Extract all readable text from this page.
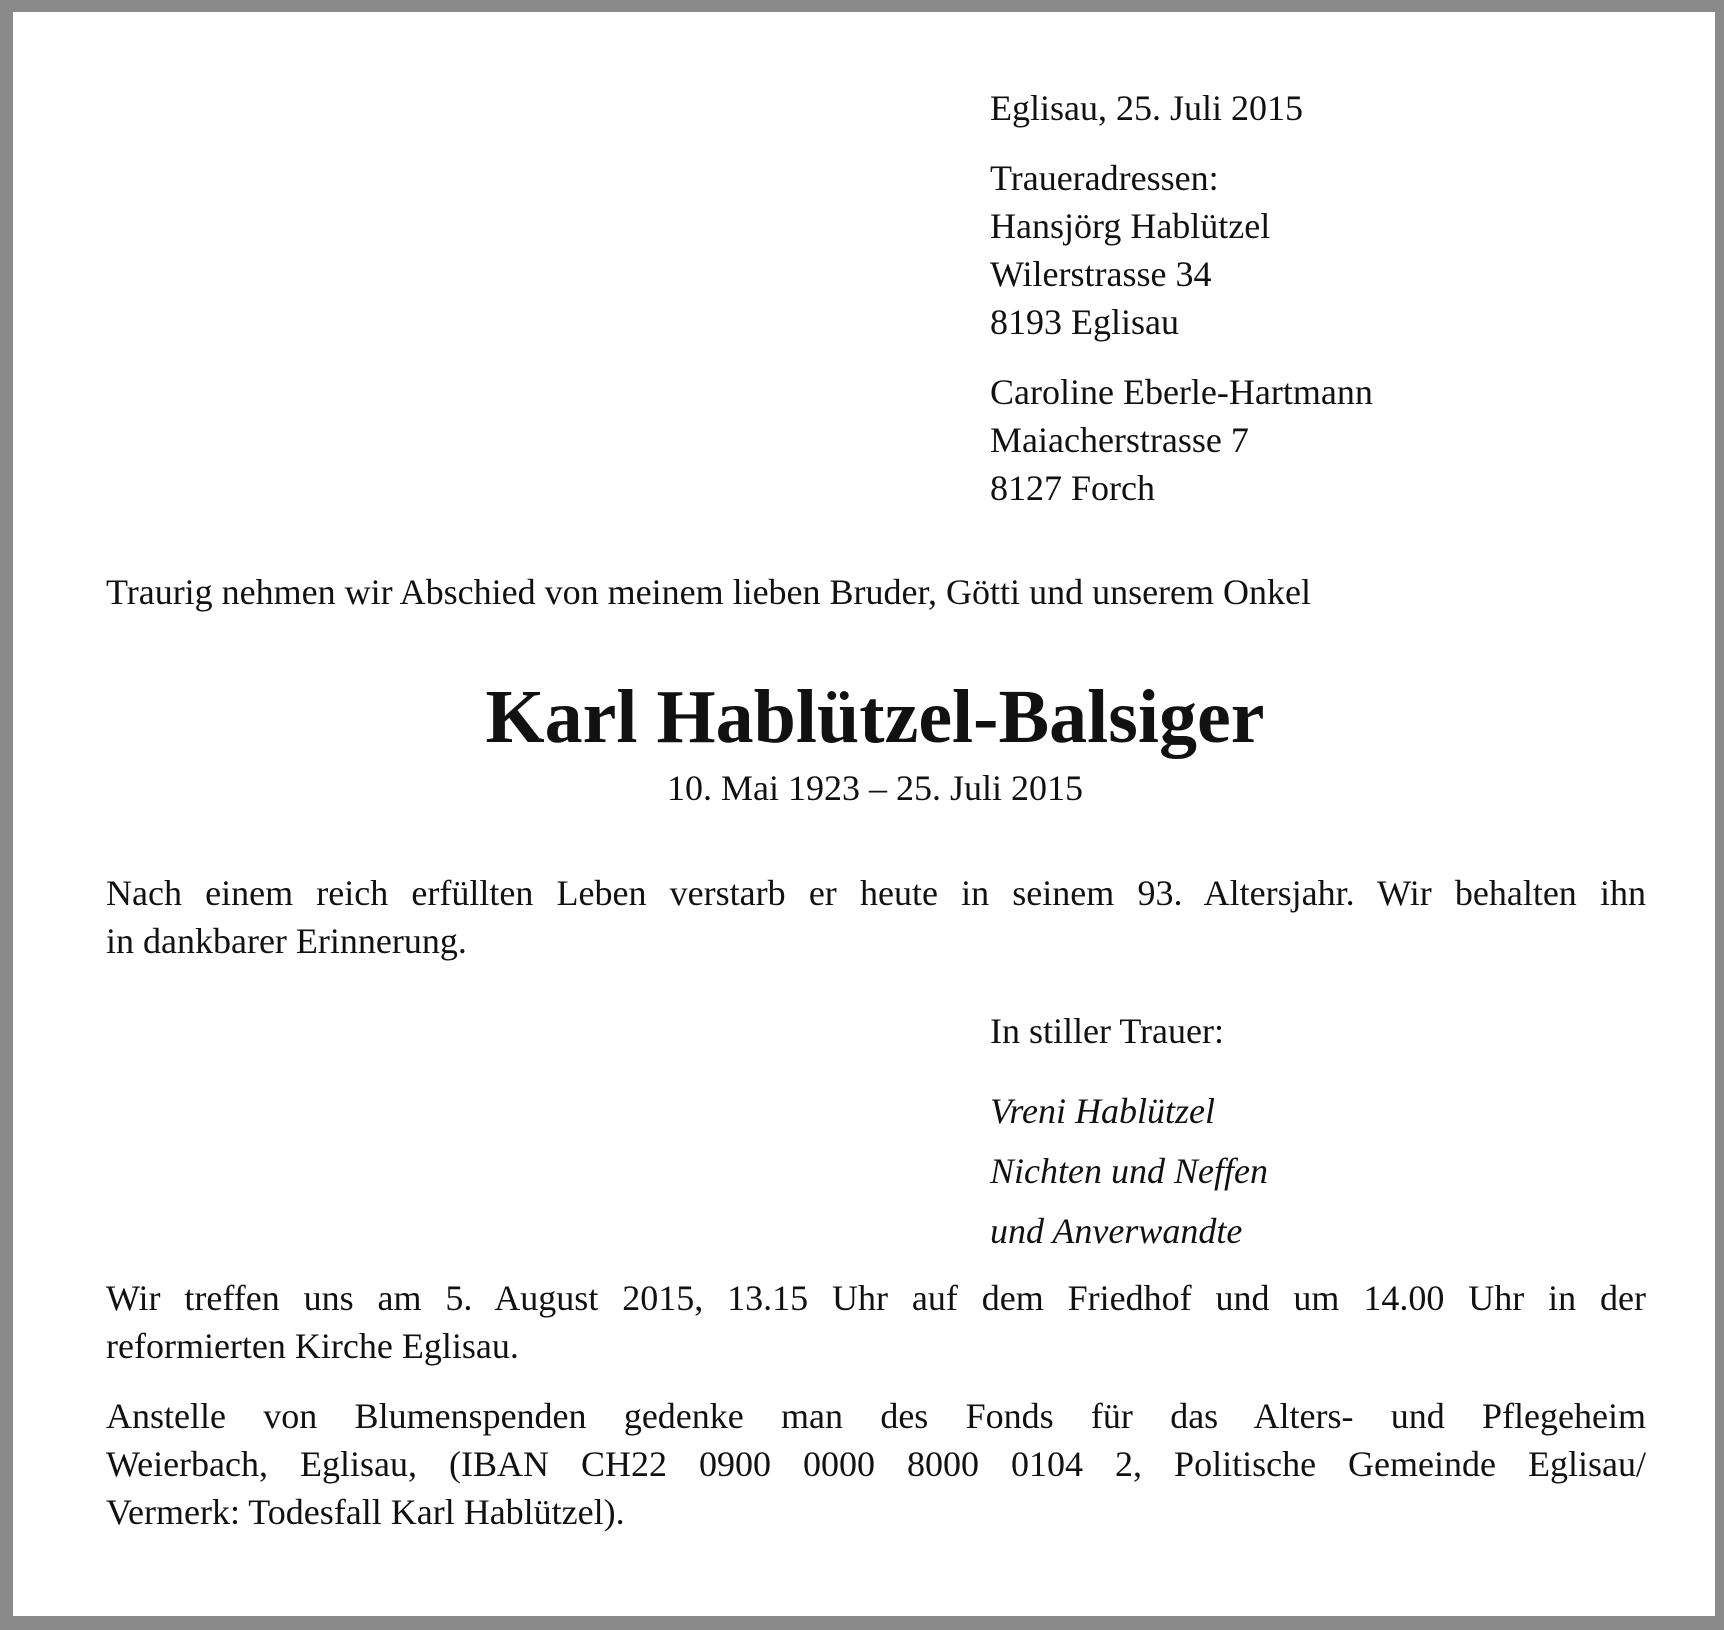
Eglisau, 25. Juli 2015
Traueradressen:
Hansjörg Hablützel
Wilerstrasse 34
8193 Eglisau
Caroline Eberle-Hartmann
Maiacherstrasse 7
8127 Forch
Traurig nehmen wir Abschied von meinem lieben Bruder, Götti und unserem Onkel
Karl Hablützel-Balsiger
10. Mai 1923 – 25. Juli 2015
Nach einem reich erfüllten Leben verstarb er heute in seinem 93. Altersjahr. Wir behalten ihn
in dankbarer Erinnerung.
In stiller Trauer:
Vreni Hablützel
Nichten und Neffen
und Anverwandte
Wir treffen uns am 5. August 2015, 13.15 Uhr auf dem Friedhof und um 14.00 Uhr in der
reformierten Kirche Eglisau.
Anstelle von Blumenspenden gedenke man des Fonds für das Alters- und Pflegeheim
Weierbach, Eglisau, (IBAN CH22 0900 0000 8000 0104 2, Politische Gemeinde Eglisau/
Vermerk: Todesfall Karl Hablützel).
